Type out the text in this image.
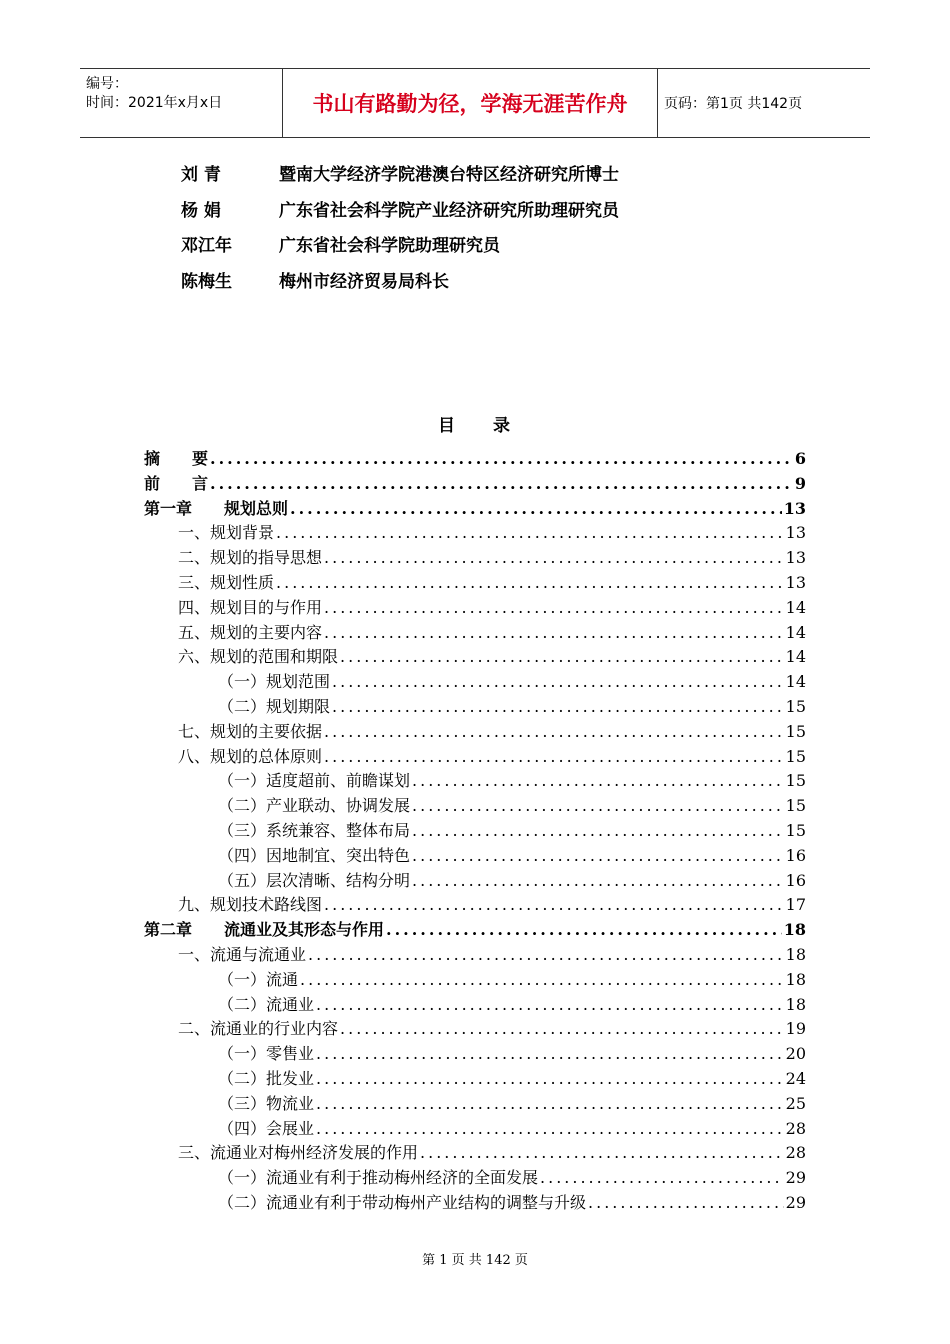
编号：
时间：2021年x月x日	书山有路勤为径，学海无涯苦作舟	页码：第1页 共142页
刘 青	暨南大学经济学院港澳台特区经济研究所博士
杨 娟	广东省社会科学院产业经济研究所助理研究员
邓江年	广东省社会科学院助理研究员
陈梅生	梅州市经济贸易局科长
目录
摘　　要 .....	6
前　　言 .....	9
第一章　　规划总则 .....	13
一、规划背景 .....	13
二、规划的指导思想 .....	13
三、规划性质 .....	13
四、规划目的与作用 .....	14
五、规划的主要内容 .....	14
六、规划的范围和期限 .....	14
（一）规划范围 .....	14
（二）规划期限 .....	15
七、规划的主要依据 .....	15
八、规划的总体原则 .....	15
（一）适度超前、前瞻谋划 .....	15
（二）产业联动、协调发展 .....	15
（三）系统兼容、整体布局 .....	15
（四）因地制宜、突出特色 .....	16
（五）层次清晰、结构分明 .....	16
九、规划技术路线图 .....	17
第二章　　流通业及其形态与作用 .....	18
一、流通与流通业 .....	18
（一）流通 .....	18
（二）流通业 .....	18
二、流通业的行业内容 .....	19
（一）零售业 .....	20
（二）批发业 .....	24
（三）物流业 .....	25
（四）会展业 .....	28
三、流通业对梅州经济发展的作用 .....	28
（一）流通业有利于推动梅州经济的全面发展 .....	29
（二）流通业有利于带动梅州产业结构的调整与升级 .....	29
第 1 页 共 142 页
